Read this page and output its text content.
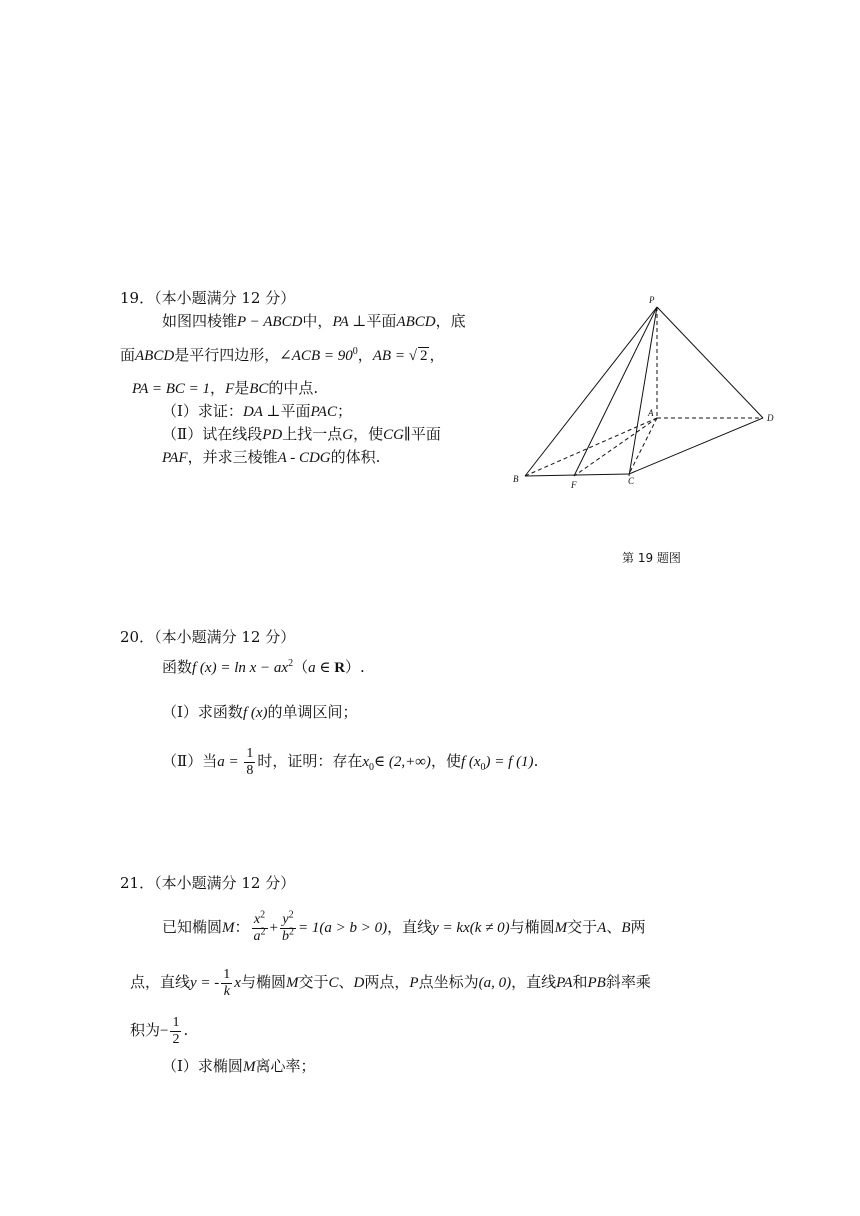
19．（本小题满分 12 分）
如图四棱锥P − ABCD中，PA ⊥平面ABCD，底
面ABCD是平行四边形，∠ACB = $90^0$，AB = √ 2 ，
PA = BC = 1，F是BC的中点.
（Ⅰ）求证：DA ⊥平面PAC；
（Ⅱ）试在线段PD上找一点G，使CG∥平面
PAF，并求三棱锥A - CDG的体积.
P
A
B
F	C
D
第 19 题图
20．（本小题满分 12 分）
函数f $(x) = \ln x - ax^2(a$ ∈ R）.
（Ⅰ）求函数f (x)的单调区间；
（Ⅱ）当$a = \frac{1}{8}$ 时，证明：存在$x_0\in$ (2,+∞)，使f $(x_0) = f$ (1).
21．（本小题满分 12 分）
已知椭圆M： $\frac{x^2}{a^2} + \frac{y^2}{b^2} = 1(a > b > 0)$，直线y = kx(k ≠ 0)与椭圆M交于A、B两
点，直线y = - $\frac{1}{k}$ x与椭圆M交于C、D两点，P点坐标为(a, 0)，直线PA和PB斜率乘
积为− $\frac{1}{2}$ .
（Ⅰ）求椭圆M离心率；
